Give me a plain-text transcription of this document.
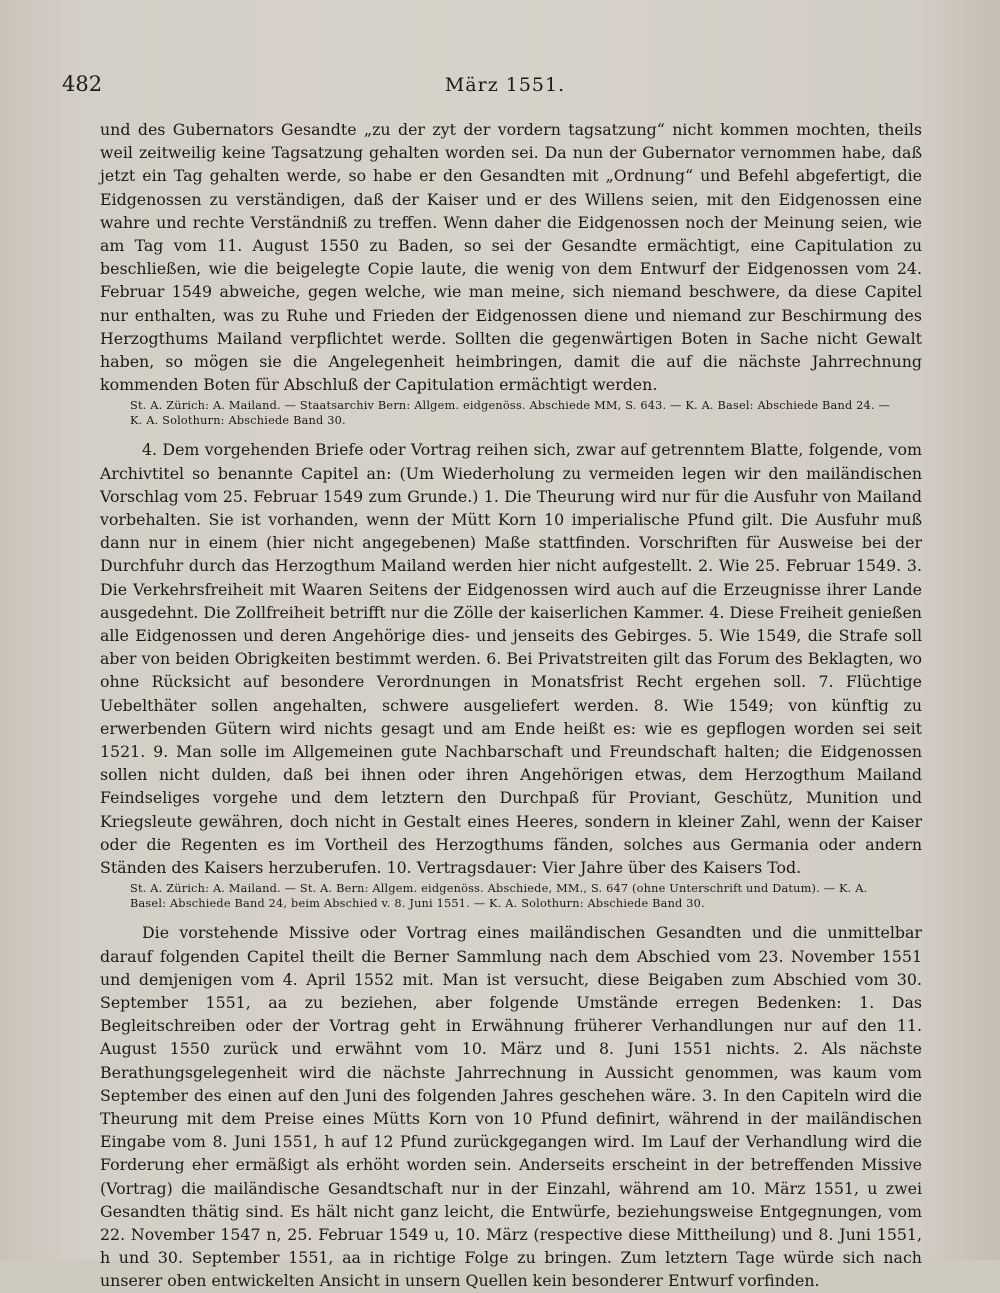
482	März 1551.

und des Gubernators Gesandte „zu der zyt der vordern tagsatzung“ nicht kommen mochten, theils weil zeitweilig keine Tagsatzung gehalten worden sei. Da nun der Gubernator vernommen habe, daß jetzt ein Tag gehalten werde, so habe er den Gesandten mit „Ordnung“ und Befehl abgefertigt, die Eidgenossen zu verständigen, daß der Kaiser und er des Willens seien, mit den Eidgenossen eine wahre und rechte Verständniß zu treffen. Wenn daher die Eidgenossen noch der Meinung seien, wie am Tag vom 11. August 1550 zu Baden, so sei der Gesandte ermächtigt, eine Capitulation zu beschließen, wie die beigelegte Copie laute, die wenig von dem Entwurf der Eidgenossen vom 24. Februar 1549 abweiche, gegen welche, wie man meine, sich niemand beschwere, da diese Capitel nur enthalten, was zu Ruhe und Frieden der Eidgenossen diene und niemand zur Beschirmung des Herzogthums Mailand verpflichtet werde. Sollten die gegenwärtigen Boten in Sache nicht Gewalt haben, so mögen sie die Angelegenheit heimbringen, damit die auf die nächste Jahrrechnung kommenden Boten für Abschluß der Capitulation ermächtigt werden.

St. A. Zürich: A. Mailand. — Staatsarchiv Bern: Allgem. eidgenöss. Abschiede MM, S. 643. — K. A. Basel: Abschiede Band 24. —
K. A. Solothurn: Abschiede Band 30.

4. Dem vorgehenden Briefe oder Vortrag reihen sich, zwar auf getrenntem Blatte, folgende, vom Archivtitel so benannte Capitel an: (Um Wiederholung zu vermeiden legen wir den mailändischen Vorschlag vom 25. Februar 1549 zum Grunde.) 1. Die Theurung wird nur für die Ausfuhr von Mailand vorbehalten. Sie ist vorhanden, wenn der Mütt Korn 10 imperialische Pfund gilt. Die Ausfuhr muß dann nur in einem (hier nicht angegebenen) Maße stattfinden. Vorschriften für Ausweise bei der Durchfuhr durch das Herzogthum Mailand werden hier nicht aufgestellt. 2. Wie 25. Februar 1549. 3. Die Verkehrsfreiheit mit Waaren Seitens der Eidgenossen wird auch auf die Erzeugnisse ihrer Lande ausgedehnt. Die Zollfreiheit betrifft nur die Zölle der kaiserlichen Kammer. 4. Diese Freiheit genießen alle Eidgenossen und deren Angehörige dies- und jenseits des Gebirges. 5. Wie 1549, die Strafe soll aber von beiden Obrigkeiten bestimmt werden. 6. Bei Privatstreiten gilt das Forum des Beklagten, wo ohne Rücksicht auf besondere Verordnungen in Monatsfrist Recht ergehen soll. 7. Flüchtige Uebelthäter sollen angehalten, schwere ausgeliefert werden. 8. Wie 1549; von künftig zu erwerbenden Gütern wird nichts gesagt und am Ende heißt es: wie es gepflogen worden sei seit 1521. 9. Man solle im Allgemeinen gute Nachbarschaft und Freundschaft halten; die Eidgenossen sollen nicht dulden, daß bei ihnen oder ihren Angehörigen etwas, dem Herzogthum Mailand Feindseliges vorgehe und dem letztern den Durchpaß für Proviant, Geschütz, Munition und Kriegsleute gewähren, doch nicht in Gestalt eines Heeres, sondern in kleiner Zahl, wenn der Kaiser oder die Regenten es im Vortheil des Herzogthums fänden, solches aus Germania oder andern Ständen des Kaisers herzuberufen. 10. Vertragsdauer: Vier Jahre über des Kaisers Tod.

St. A. Zürich: A. Mailand. — St. A. Bern: Allgem. eidgenöss. Abschiede, MM., S. 647 (ohne Unterschrift und Datum). — K. A.
Basel: Abschiede Band 24, beim Abschied v. 8. Juni 1551. — K. A. Solothurn: Abschiede Band 30.

Die vorstehende Missive oder Vortrag eines mailändischen Gesandten und die unmittelbar darauf folgenden Capitel theilt die Berner Sammlung nach dem Abschied vom 23. November 1551 und demjenigen vom 4. April 1552 mit. Man ist versucht, diese Beigaben zum Abschied vom 30. September 1551, aa zu beziehen, aber folgende Umstände erregen Bedenken: 1. Das Begleitschreiben oder der Vortrag geht in Erwähnung früherer Verhandlungen nur auf den 11. August 1550 zurück und erwähnt vom 10. März und 8. Juni 1551 nichts. 2. Als nächste Berathungsgelegenheit wird die nächste Jahrrechnung in Aussicht genommen, was kaum vom September des einen auf den Juni des folgenden Jahres geschehen wäre. 3. In den Capiteln wird die Theurung mit dem Preise eines Mütts Korn von 10 Pfund definirt, während in der mailändischen Eingabe vom 8. Juni 1551, h auf 12 Pfund zurückgegangen wird. Im Lauf der Verhandlung wird die Forderung eher ermäßigt als erhöht worden sein. Anderseits erscheint in der betreffenden Missive (Vortrag) die mailändische Gesandtschaft nur in der Einzahl, während am 10. März 1551, u zwei Gesandten thätig sind. Es hält nicht ganz leicht, die Entwürfe, beziehungsweise Entgegnungen, vom 22. November 1547 n, 25. Februar 1549 u, 10. März (respective diese Mittheilung) und 8. Juni 1551, h und 30. September 1551, aa in richtige Folge zu bringen. Zum letztern Tage würde sich nach unserer oben entwickelten Ansicht in unsern Quellen kein besonderer Entwurf vorfinden.
